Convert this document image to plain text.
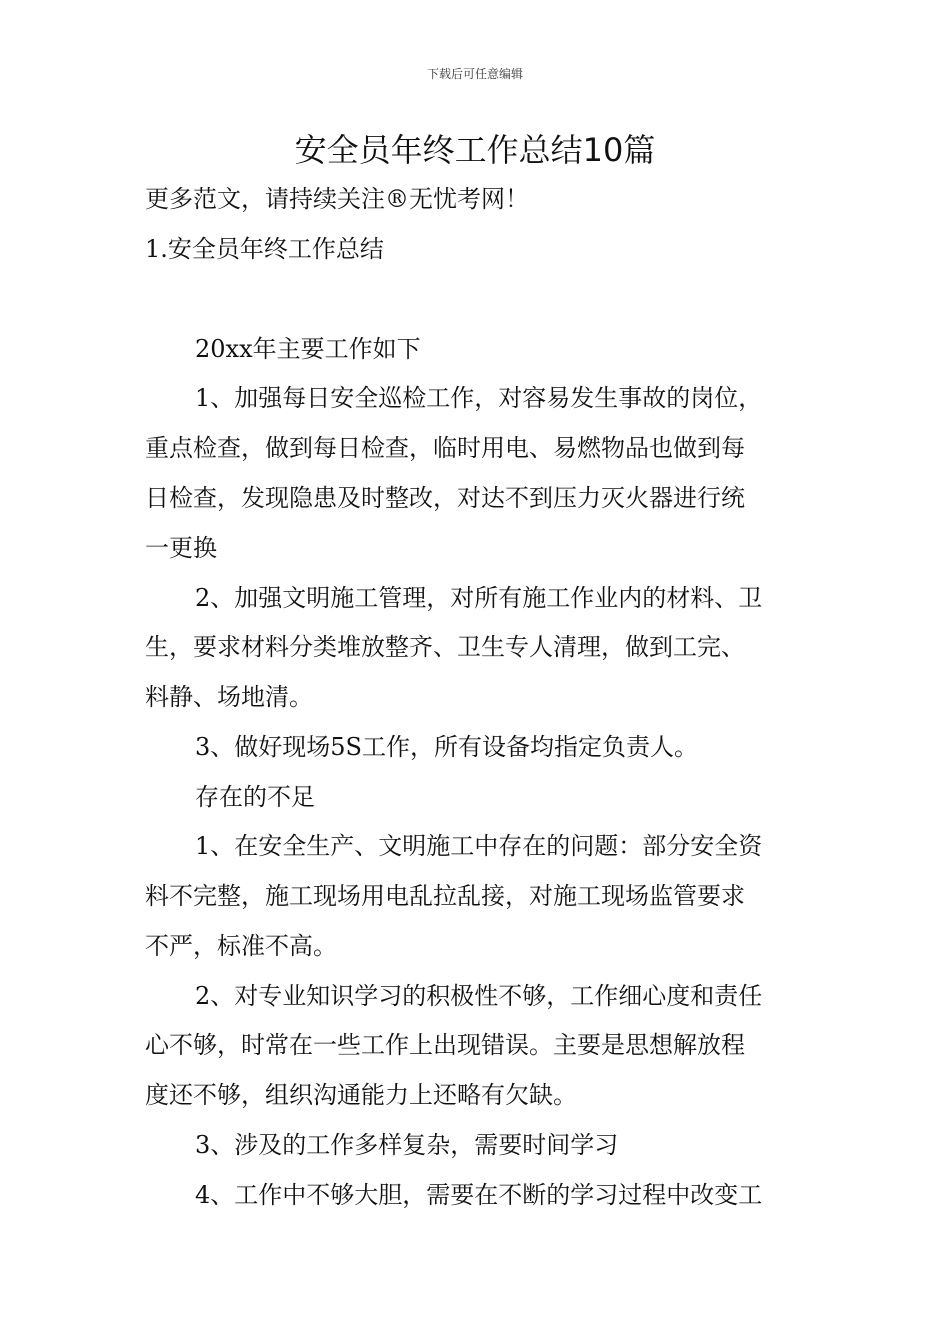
下载后可任意编辑
安全员年终工作总结10篇
更多范文，请持续关注®无忧考网！
1.安全员年终工作总结
20xx年主要工作如下
1、加强每日安全巡检工作，对容易发生事故的岗位，
重点检查，做到每日检查，临时用电、易燃物品也做到每
日检查，发现隐患及时整改，对达不到压力灭火器进行统
一更换
2、加强文明施工管理，对所有施工作业内的材料、卫
生，要求材料分类堆放整齐、卫生专人清理，做到工完、
料静、场地清。
3、做好现场5S工作，所有设备均指定负责人。
存在的不足
1、在安全生产、文明施工中存在的问题：部分安全资
料不完整，施工现场用电乱拉乱接，对施工现场监管要求
不严，标准不高。
2、对专业知识学习的积极性不够，工作细心度和责任
心不够，时常在一些工作上出现错误。主要是思想解放程
度还不够，组织沟通能力上还略有欠缺。
3、涉及的工作多样复杂，需要时间学习
4、工作中不够大胆，需要在不断的学习过程中改变工
